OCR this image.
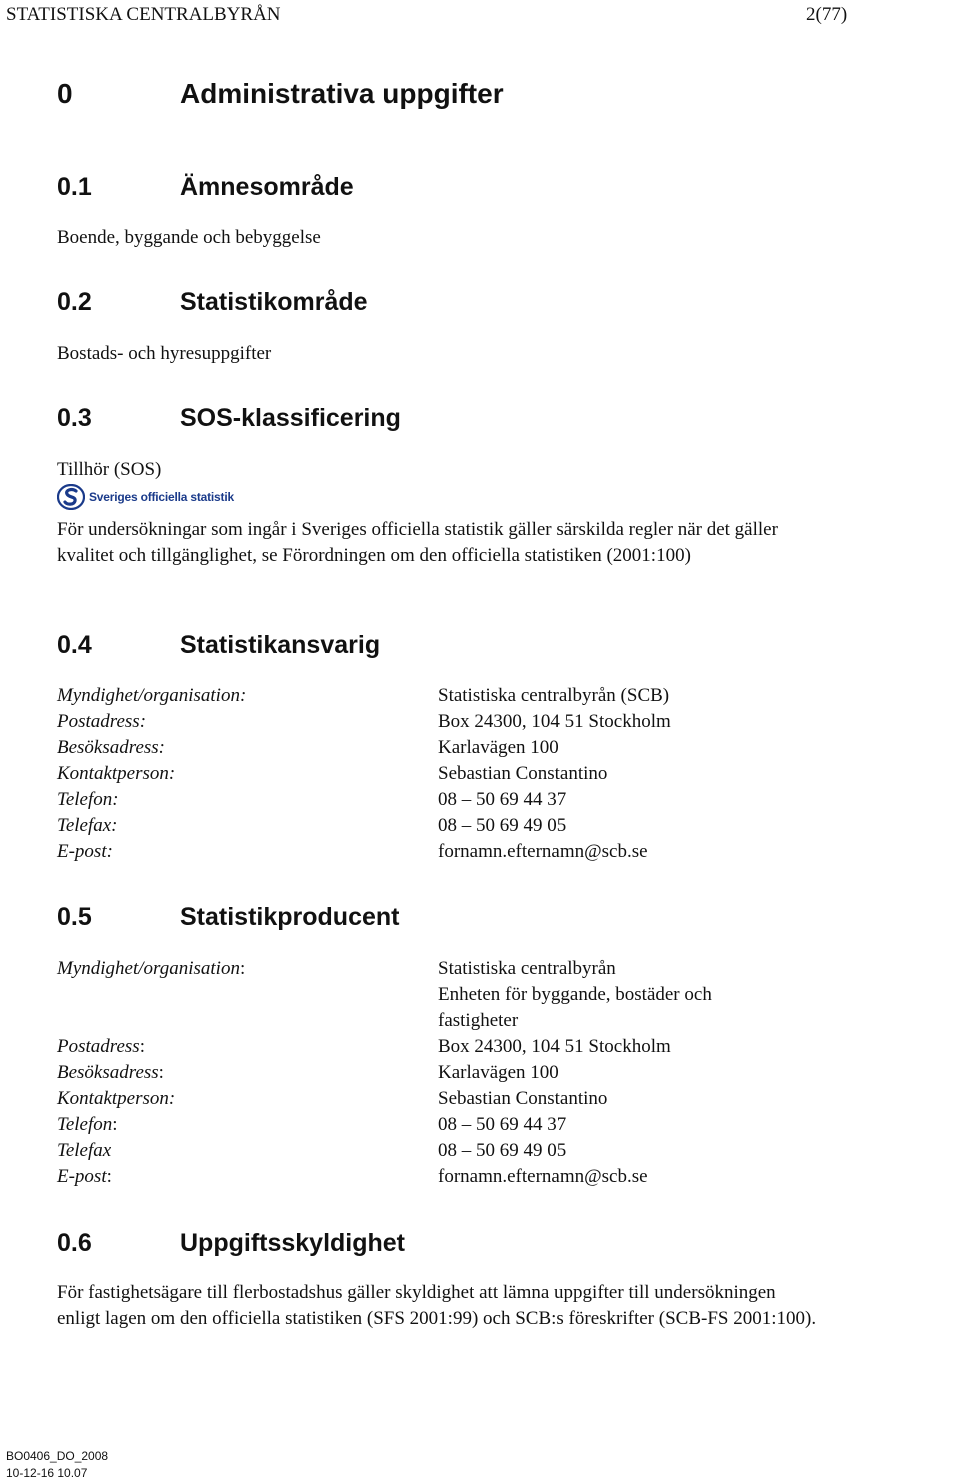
STATISTISKA CENTRALBYRÅN	2(77)
0	Administrativa uppgifter
0.1	Ämnesområde
Boende, byggande och bebyggelse
0.2	Statistikområde
Bostads- och hyresuppgifter
0.3	SOS-klassificering
Tillhör (SOS)
Sveriges officiella statistik
För undersökningar som ingår i Sveriges officiella statistik gäller särskilda regler när det gäller kvalitet och tillgänglighet, se Förordningen om den officiella statistiken (2001:100)
0.4	Statistikansvarig
Myndighet/organisation:	Statistiska centralbyrån (SCB)
Postadress:	Box 24300, 104 51 Stockholm
Besöksadress:	Karlavägen 100
Kontaktperson:	Sebastian Constantino
Telefon:	08 – 50 69 44 37
Telefax:	08 – 50 69 49 05
E-post:	fornamn.efternamn@scb.se
0.5	Statistikproducent
Myndighet/organisation:	Statistiska centralbyrån
Enheten för byggande, bostäder och
fastigheter
Postadress:	Box 24300, 104 51 Stockholm
Besöksadress:	Karlavägen 100
Kontaktperson:	Sebastian Constantino
Telefon:	08 – 50 69 44 37
Telefax	08 – 50 69 49 05
E-post:	fornamn.efternamn@scb.se
0.6	Uppgiftsskyldighet
För fastighetsägare till flerbostadshus gäller skyldighet att lämna uppgifter till undersökningen
enligt lagen om den officiella statistiken (SFS 2001:99) och SCB:s föreskrifter (SCB-FS 2001:100).
BO0406_DO_2008
10-12-16 10.07
